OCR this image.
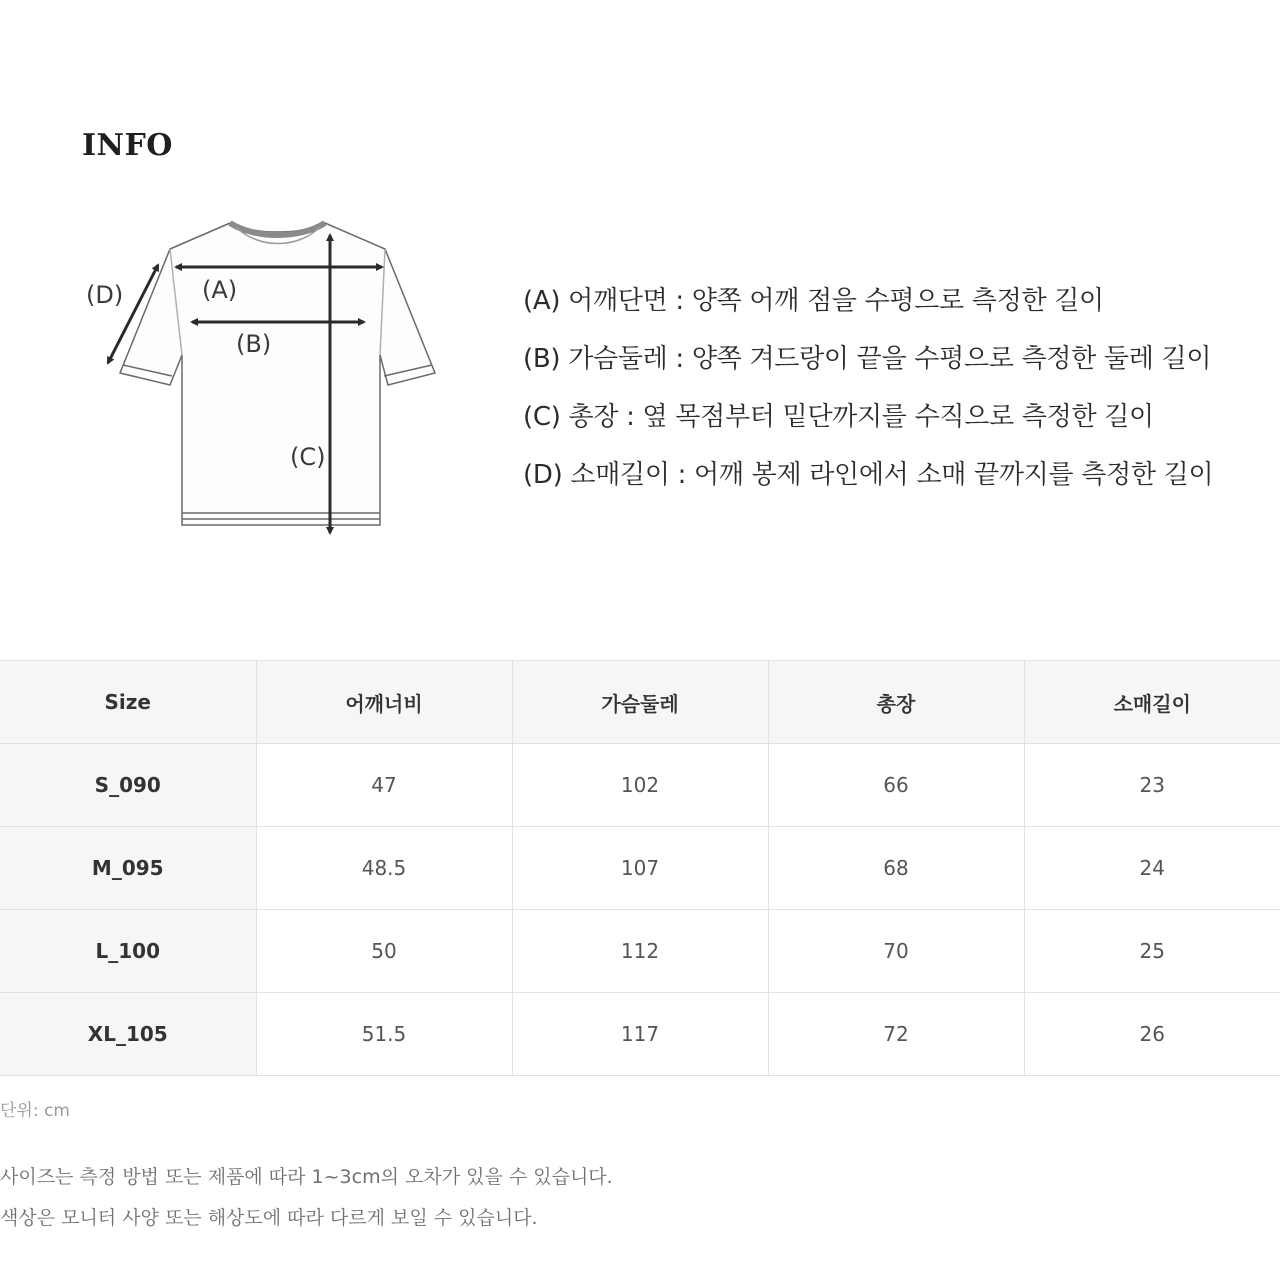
INFO
(A)
(B)
(C)
(D)	(A) 어깨단면 : 양쪽 어깨 점을 수평으로 측정한 길이
(B) 가슴둘레 : 양쪽 겨드랑이 끝을 수평으로 측정한 둘레 길이
(C) 총장 : 옆 목점부터 밑단까지를 수직으로 측정한 길이
(D) 소매길이 : 어깨 봉제 라인에서 소매 끝까지를 측정한 길이
Size	어깨너비	가슴둘레	총장	소매길이
S_090	47	102	66	23
M_095	48.5	107	68	24
L_100	50	112	70	25
XL_105	51.5	117	72	26
단위: cm
사이즈는 측정 방법 또는 제품에 따라 1~3cm의 오차가 있을 수 있습니다.
색상은 모니터 사양 또는 해상도에 따라 다르게 보일 수 있습니다.
